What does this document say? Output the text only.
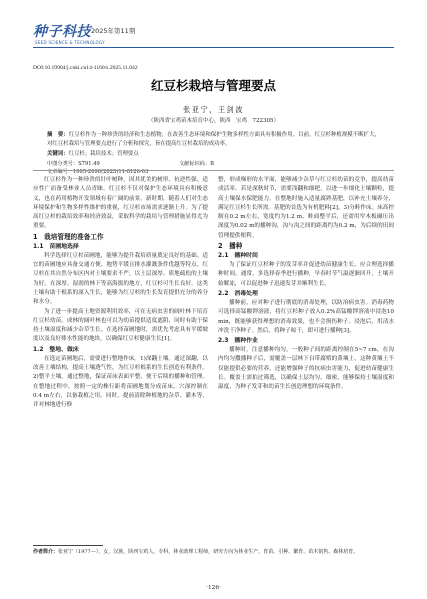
种子科技
SEED SCIENCE & TECHNOLOGY
2025年第11期
DOI:10.19904/j.cnki.cn14-1160/s.2025.11.042
红豆杉栽培与管理要点
张亚宁，王剑波
（陕西省宝鸡苗木培育中心，陕西　宝鸡　722305）
摘　要：红豆杉作为一种珍贵的经济和生态植物，在改善生态环境和保护生物多样性方面具有积极作用。目前，红豆杉种植规模不断扩大，对红豆杉栽培与管理要点进行了分析和探究，旨在提高红豆杉栽培的成功率。
关键词：红豆杉；栽培技术；管理要点
中图分类号：S791.49	文献标识码：B
文章编号：1005-2690(2025)11-0126-03

红豆杉作为一种珍贵的针叶树种，因其优美的树形、抗逆性强、适应性广而备受林业人员青睐。红豆杉不仅对保护生态环境具有积极意义，也在药用植物开发领域有着广阔的前景。新时期，随着人们对生态环境保护和生物多样性维护的重视，红豆杉市场需求逐渐上升。为了提高红豆杉的栽培效率和经济效益，采取科学的栽培与管理措施显得尤为重要。

1　栽培管理的准备工作
1.1　苗圃地选择

科学选择红豆杉苗圃地，能够为提升栽培质量奠定良好的基础。适宜的苗圃地应具备交通方便、地势平缓且排水灌溉条件优越等特点。红豆杉在其自然分布区内对土壤要求不严，以土层深厚、质地疏松的土壤为好。在深厚、湿润的林下等高海拔的地方，红豆杉可生长良好。这类土壤有助于根系的深入生长，能够为红豆杉的生长发育提供充分的养分和水分。

为了进一步提高土地资源利用效率，可在无病虫害的阔叶林下培育红豆杉幼苗。成林的阔叶林也可以为幼苗提供适度遮阴，同时有助于保持土壤湿度和减少杂草生长。在选择苗圃地时，需优先考虑具有平缓坡度以及良好排水性能的地块，以确保红豆杉健康生长[1]。

1.2　整地、做床

在选定苗圃地后，需要进行整地作床。1)深翻土壤。通过深翻，以改善土壤结构，提高土壤透气性，为红豆杉根系的生长创造有利条件。2)整平土壤。通过整地，保证苗床表面平整，便于后续的播种和管理。在整地过程中，按照一定的株行距将苗圃地划分成苗床，穴深控制在0.4 m左右，以备栽植之用。同时，提前清除种植地的杂草、灌木等，并对林地进行修

整，形成梯形的水平面，能够减少杂草与红豆杉幼苗的竞争，提高幼苗成活率。若是深秋时节，需要浅翻和细耙，以进一步细化土壤颗粒，提高土壤保水保肥能力。在整地时施入适量腐熟基肥，以补充土壤养分，满足红豆杉生长所需。基肥的首选为有机肥料[2]。3)分畦作床。床高控制在0.2 m左右，宽度约为1.2 m。畦面整平后，还需用窄木板碾压出深度为0.02 m的播种沟，沟与沟之间的距离约为0.2 m，为后续的田间管理提供便利。

2　播种
2.1　播种时间

为了保证红豆杉种子的发芽率并促进幼苗健康生长，应合理选择播种时间。通常，多选择春季进行播种，早春时节气温逐渐回升，土壤开始解冻，可以促进种子迅速发芽并顺利生长。

2.2　消毒处理

播种前，应对种子进行彻底的消毒处理，以防治病虫害。消毒药物可选择高锰酸钾溶液，将红豆杉种子放入0.2%高锰酸钾溶液中浸泡10 min，既能够获得理想的消毒效果，也不会损伤种子。浸泡后，用清水冲洗干净种子。然后，将种子晾干，即可进行播种[3]。

2.3　播种作业

播种时，注意播种均匀，一般种子间的距离控制在5~7 cm，在沟内均匀撒播种子后，需覆盖一层林下自带腐殖的黄壤土，这种黄壤土不仅能提供必要的营养，还能增强种子的抗病虫害能力，促进幼苗健康生长。覆盖土需拍过筛选，以确保土层均匀、细密，能够保持土壤湿度和温度，为种子发芽和幼苗生长创造理想的环境条件。

作者简介：张亚宁（1977—），女，汉族，陕西宝鸡人，专科，林业助理工程师，研究方向为林业生产、育苗、引种、繁育、苗木销售、森林培育。
·126·
